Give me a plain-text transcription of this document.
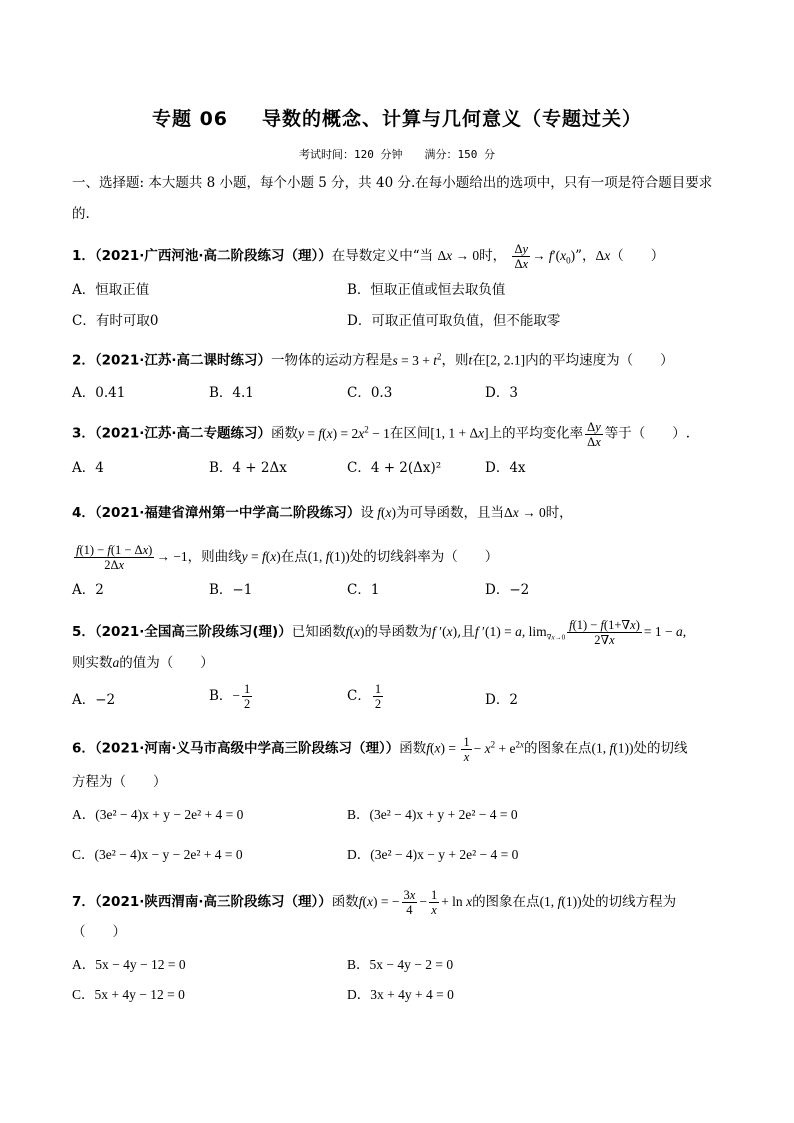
专题 06 导数的概念、计算与几何意义（专题过关）
考试时间：120 分钟 满分：150 分
一、选择题: 本大题共 8 小题，每个小题 5 分，共 40 分.在每小题给出的选项中，只有一项是符合题目要求的.
1．（2021·广西河池·高二阶段练习（理））在导数定义中“当 Δx → 0时， $\frac{\Delta y}{\Delta x} \to f'(x_0)$”，Δx（　　）
A．恒取正值	B．恒取正值或恒去取负值
C．有时可取0	D．可取正值可取负值，但不能取零
2．（2021·江苏·高二课时练习）一物体的运动方程是$s = 3 + t^2$，则t在[2, 2.1]内的平均速度为（　　）
A．0.41	B．4.1	C．0.3	D．3
3．（2021·江苏·高二专题练习）函数$y = f(x) = 2x^2 - 1$在区间[1, 1 + Δx]上的平均变化率 $\frac{\Delta y}{\Delta x}$ 等于（　　）.
A．4	B．4 + 2Δx	C．4 + 2(Δx)²	D．4x
4．（2021·福建省漳州第一中学高二阶段练习）设 f(x)为可导函数，且当Δx → 0时，
$\frac{f(1) - f(1 - \Delta x)}{2\Delta x} \to -1$，则曲线y = f(x)在点(1, f(1))处的切线斜率为（　　）
A．2	B．−1	C．1	D．−2
5．（2021·全国高三阶段练习(理)）已知函数f(x)的导函数为f ′(x),且f ′(1) = a, $\lim_{\nabla x\to 0} \frac{f(1) - f(1+\nabla x)}{2\nabla x} = 1 - a$,
则实数a的值为（　　）
A．−2	B．− $\frac{1}{2}$	C． $\frac{1}{2}$	D．2
6．（2021·河南·义马市高级中学高三阶段练习（理））函数$f(x) = \frac{1}{x} - x^2 + e^{2x}$的图象在点(1, f(1))处的切线
方程为（　　）
A．(3e² − 4)x + y − 2e² + 4 = 0	B．(3e² − 4)x + y + 2e² − 4 = 0
C．(3e² − 4)x − y − 2e² + 4 = 0	D．(3e² − 4)x − y + 2e² − 4 = 0
7．（2021·陕西渭南·高三阶段练习（理））函数f(x) = − $\frac{3x}{4} - \frac{1}{x} + \ln x$的图象在点(1, f(1))处的切线方程为
（　　）
A．5x − 4y − 12 = 0	B．5x − 4y − 2 = 0
C．5x + 4y − 12 = 0	D．3x + 4y + 4 = 0
